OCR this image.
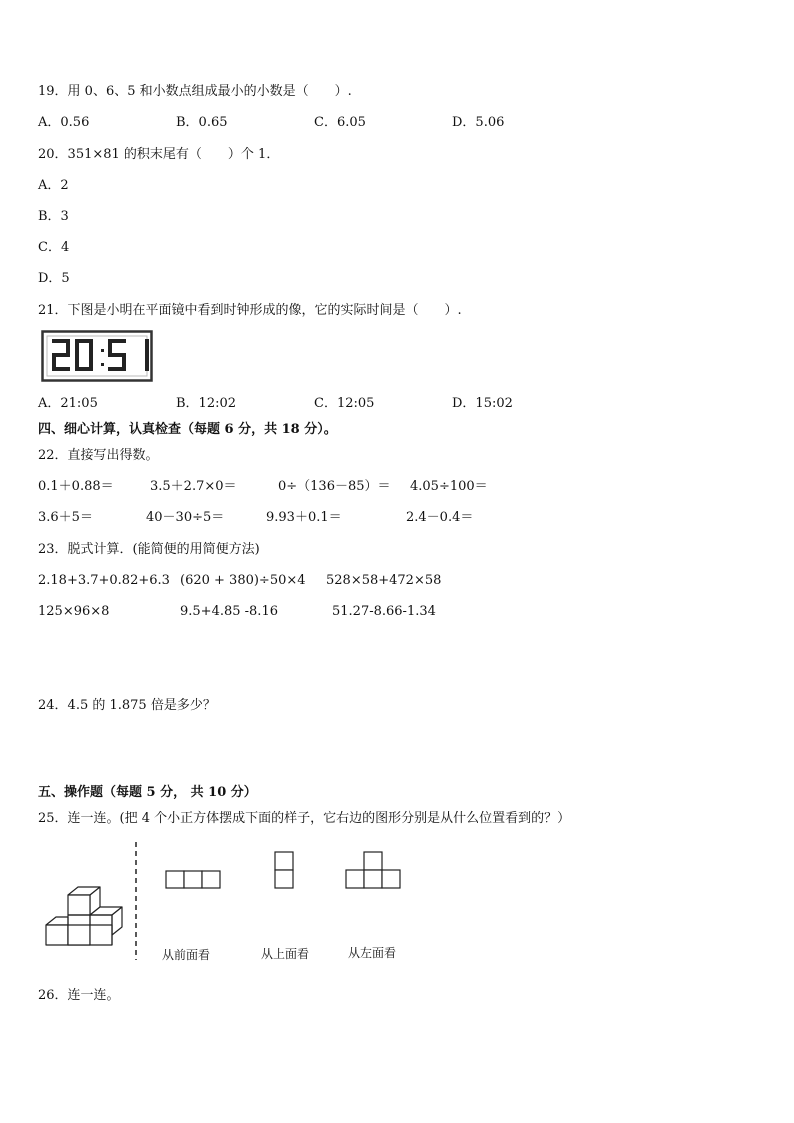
19．用 0、6、5 和小数点组成最小的小数是（　　）.
A．0.56	B．0.65	C．6.05	D．5.06
20．351×81 的积末尾有（　　）个 1．
A．2
B．3
C．4
D．5
21．下图是小明在平面镜中看到时钟形成的像，它的实际时间是（　　）.
20:51
A．21:05	B．12:02	C．12:05	D．15:02
四、细心计算，认真检查（每题 6 分，共 18 分）。
22．直接写出得数。
0.1＋0.88＝	3.5＋2.7×0＝	0÷（136－85）＝ 4.05÷100＝
3.6＋5＝	40－30÷5＝	9.93＋0.1＝	2.4－0.4＝
23．脱式计算．(能简便的用简便方法)
2.18+3.7+0.82+6.3 (620 + 380)÷50×4 528×58+472×58
125×96×8	9.5+4.85 -8.16	51.27-8.66-1.34
24．4.5 的 1.875 倍是多少？
五、操作题（每题 5 分， 共 10 分）
25．连一连。(把 4 个小正方体摆成下面的样子，它右边的图形分别是从什么位置看到的？）
从前面看	从上面看	从左面看
26．连一连。
